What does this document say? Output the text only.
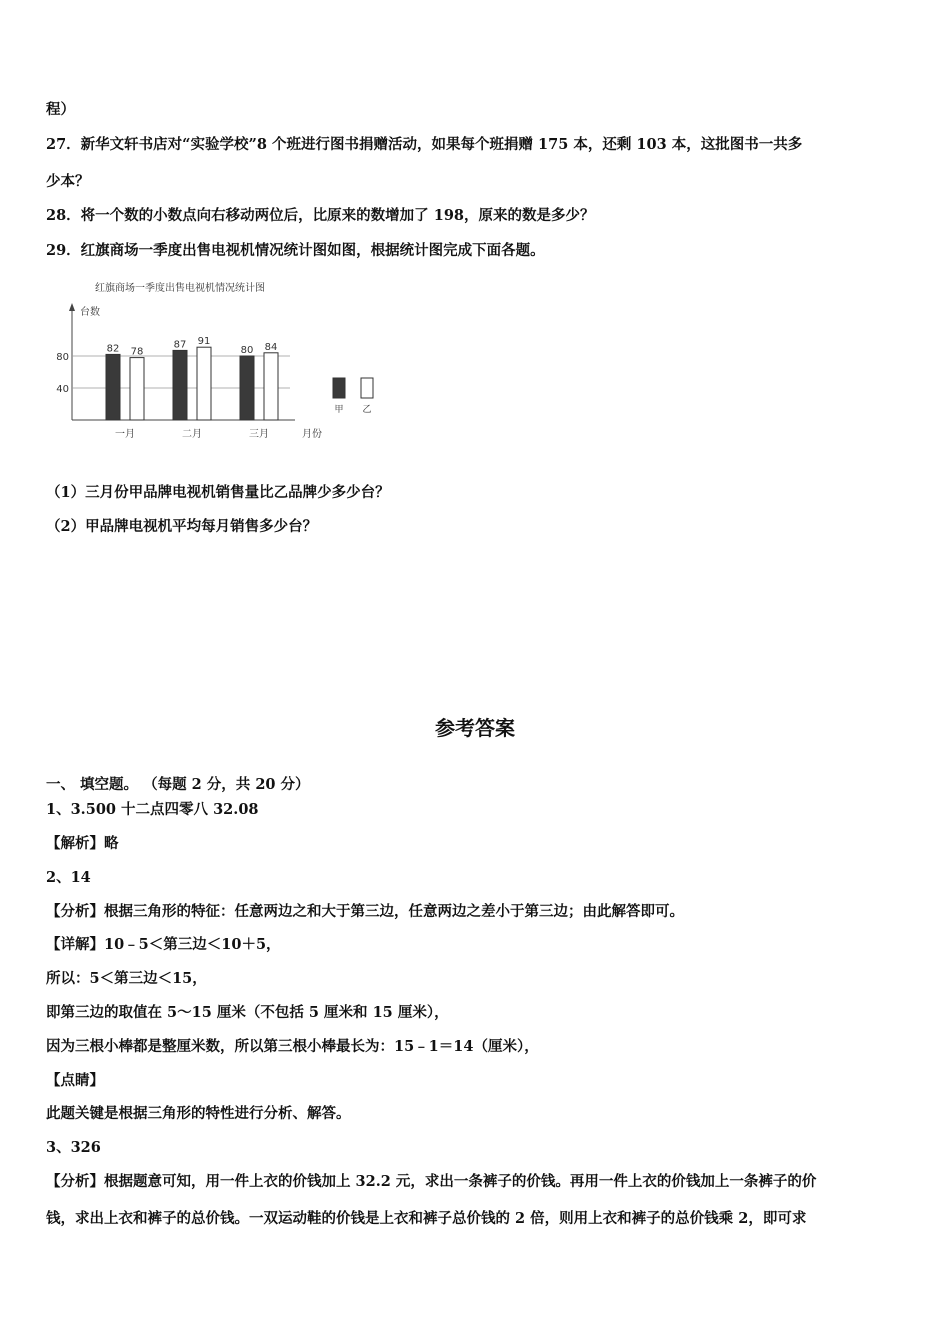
程）
27．新华文轩书店对“实验学校”8 个班进行图书捐赠活动，如果每个班捐赠 175 本，还剩 103 本，这批图书一共多
少本？
28．将一个数的小数点向右移动两位后，比原来的数增加了 198，原来的数是多少？
29．红旗商场一季度出售电视机情况统计图如图，根据统计图完成下面各题。
红旗商场一季度出售电视机情况统计图
台数
月份
40
80
82 78
一月
87 91
二月
80 84
三月
甲 乙
（1）三月份甲品牌电视机销售量比乙品牌少多少台？
（2）甲品牌电视机平均每月销售多少台？
参考答案
一、 填空题。 （每题 2 分，共 20 分）
1、3.500 十二点四零八 32.08
【解析】略
2、14
【分析】根据三角形的特征：任意两边之和大于第三边，任意两边之差小于第三边；由此解答即可。
【详解】10﹣5＜第三边＜10＋5，
所以：5＜第三边＜15，
即第三边的取值在 5～15 厘米（不包括 5 厘米和 15 厘米），
因为三根小棒都是整厘米数，所以第三根小棒最长为：15﹣1＝14（厘米），
【点睛】
此题关键是根据三角形的特性进行分析、解答。
3、326
【分析】根据题意可知，用一件上衣的价钱加上 32.2 元，求出一条裤子的价钱。再用一件上衣的价钱加上一条裤子的价
钱，求出上衣和裤子的总价钱。一双运动鞋的价钱是上衣和裤子总价钱的 2 倍，则用上衣和裤子的总价钱乘 2，即可求
